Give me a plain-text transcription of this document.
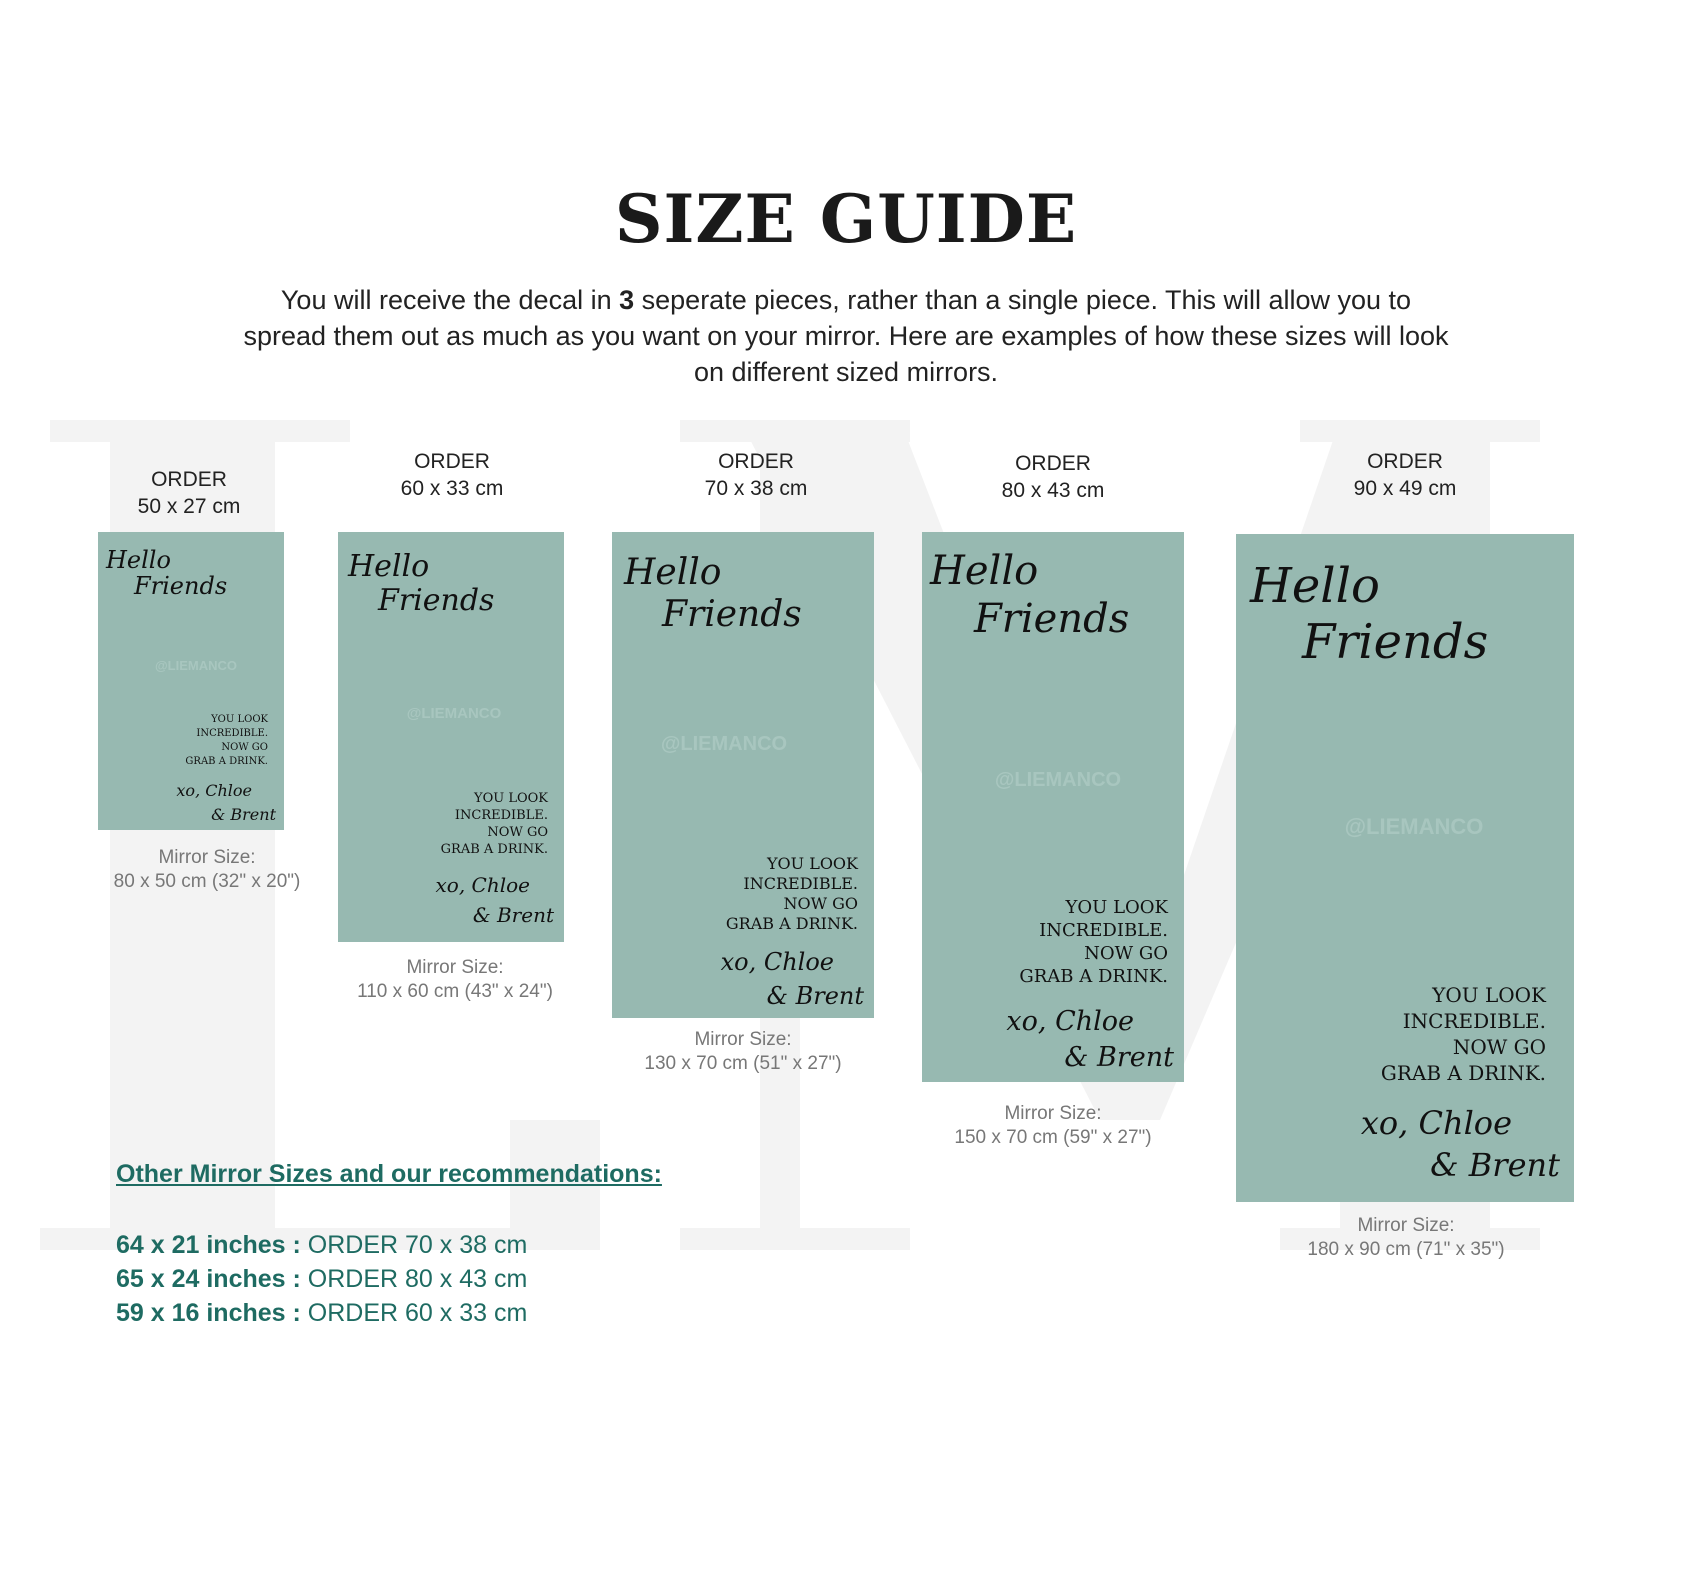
SIZE GUIDE
You will receive the decal in 3 seperate pieces, rather than a single piece. This will allow you to spread them out as much as you want on your mirror. Here are examples of how these sizes will look on different sized mirrors.
ORDER
50 x 27 cm
Hello
Friends
@LIEMANCO
YOU LOOK
INCREDIBLE.
NOW GO
GRAB A DRINK.
xo, Chloe
& Brent
Mirror Size:
80 x 50 cm (32" x 20")
ORDER
60 x 33 cm
Hello
Friends
@LIEMANCO
YOU LOOK
INCREDIBLE.
NOW GO
GRAB A DRINK.
xo, Chloe
& Brent
Mirror Size:
110 x 60 cm (43" x 24")
ORDER
70 x 38 cm
Hello
Friends
@LIEMANCO
YOU LOOK
INCREDIBLE.
NOW GO
GRAB A DRINK.
xo, Chloe
& Brent
Mirror Size:
130 x 70 cm (51" x 27")
ORDER
80 x 43 cm
Hello
Friends
@LIEMANCO
YOU LOOK
INCREDIBLE.
NOW GO
GRAB A DRINK.
xo, Chloe
& Brent
Mirror Size:
150 x 70 cm (59" x 27")
ORDER
90 x 49 cm
Hello
Friends
@LIEMANCO
YOU LOOK
INCREDIBLE.
NOW GO
GRAB A DRINK.
xo, Chloe
& Brent
Mirror Size:
180 x 90 cm (71" x 35")
Other Mirror Sizes and our recommendations:
64 x 21 inches : ORDER 70 x 38 cm
65 x 24 inches : ORDER 80 x 43 cm
59 x 16 inches : ORDER 60 x 33 cm
